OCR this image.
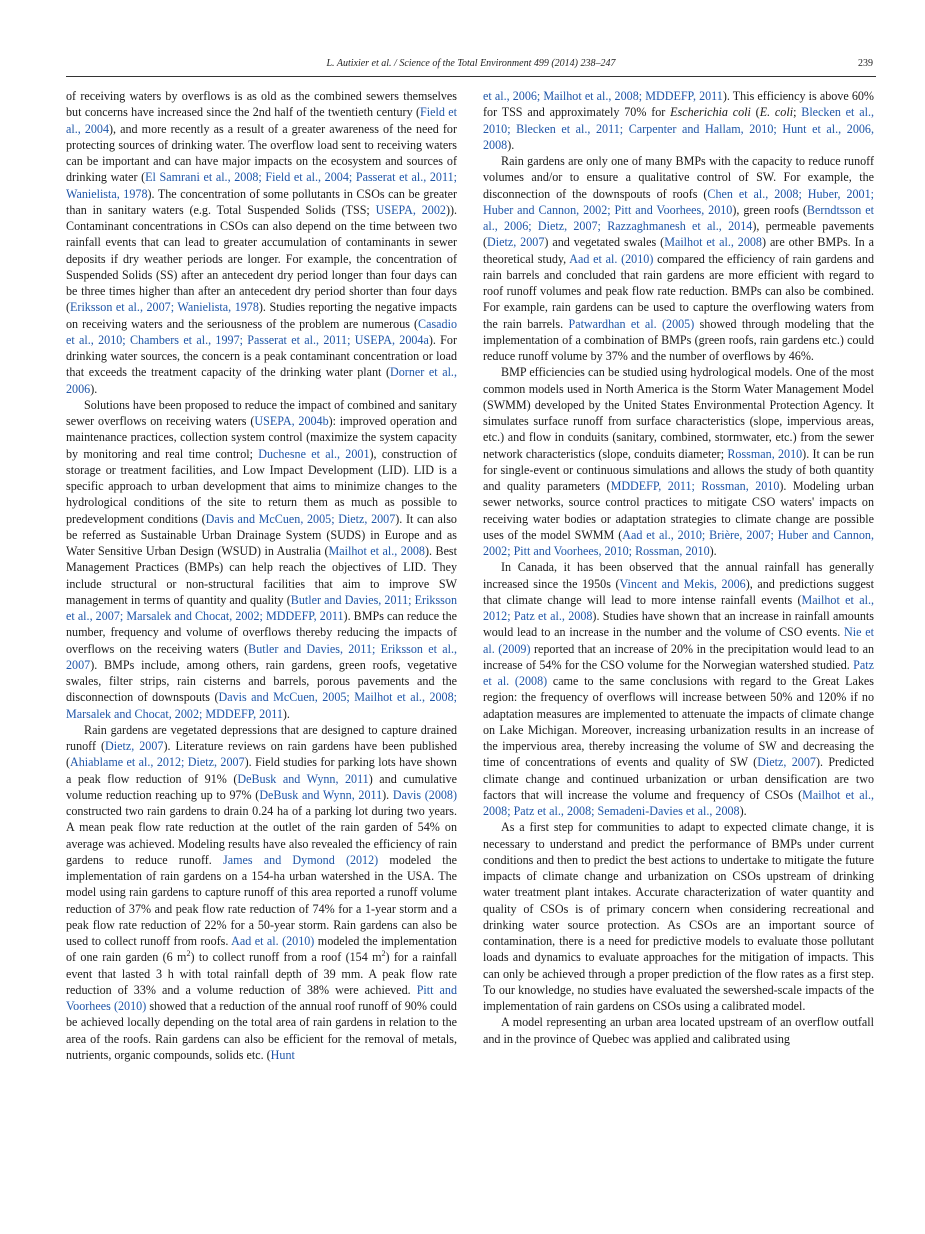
L. Autixier et al. / Science of the Total Environment 499 (2014) 238–247	239

of receiving waters by overflows is as old as the combined sewers themselves but concerns have increased since the 2nd half of the twentieth century (Field et al., 2004), and more recently as a result of a greater awareness of the need for protecting sources of drinking water. The overflow load sent to receiving waters can be important and can have major impacts on the ecosystem and sources of drinking water (El Samrani et al., 2008; Field et al., 2004; Passerat et al., 2011; Wanielista, 1978). The concentration of some pollutants in CSOs can be greater than in sanitary waters (e.g. Total Suspended Solids (TSS; USEPA, 2002)). Contaminant concentrations in CSOs can also depend on the time between two rainfall events that can lead to greater accumulation of contaminants in sewer deposits if dry weather periods are longer. For example, the concentration of Suspended Solids (SS) after an antecedent dry period longer than four days can be three times higher than after an antecedent dry period shorter than four days (Eriksson et al., 2007; Wanielista, 1978). Studies reporting the negative impacts on receiving waters and the seriousness of the problem are numerous (Casadio et al., 2010; Chambers et al., 1997; Passerat et al., 2011; USEPA, 2004a). For drinking water sources, the concern is a peak contaminant concentration or load that exceeds the treatment capacity of the drinking water plant (Dorner et al., 2006).

Solutions have been proposed to reduce the impact of combined and sanitary sewer overflows on receiving waters (USEPA, 2004b): improved operation and maintenance practices, collection system control (maximize the system capacity by monitoring and real time control; Duchesne et al., 2001), construction of storage or treatment facilities, and Low Impact Development (LID). LID is a specific approach to urban development that aims to minimize changes to the hydrological conditions of the site to return them as much as possible to predevelopment conditions (Davis and McCuen, 2005; Dietz, 2007). It can also be referred as Sustainable Urban Drainage System (SUDS) in Europe and as Water Sensitive Urban Design (WSUD) in Australia (Mailhot et al., 2008). Best Management Practices (BMPs) can help reach the objectives of LID. They include structural or non-structural facilities that aim to improve SW management in terms of quantity and quality (Butler and Davies, 2011; Eriksson et al., 2007; Marsalek and Chocat, 2002; MDDEFP, 2011). BMPs can reduce the number, frequency and volume of overflows thereby reducing the impacts of overflows on the receiving waters (Butler and Davies, 2011; Eriksson et al., 2007). BMPs include, among others, rain gardens, green roofs, vegetative swales, filter strips, rain cisterns and barrels, porous pavements and the disconnection of downspouts (Davis and McCuen, 2005; Mailhot et al., 2008; Marsalek and Chocat, 2002; MDDEFP, 2011).

Rain gardens are vegetated depressions that are designed to capture drained runoff (Dietz, 2007). Literature reviews on rain gardens have been published (Ahiablame et al., 2012; Dietz, 2007). Field studies for parking lots have shown a peak flow reduction of 91% (DeBusk and Wynn, 2011) and cumulative volume reduction reaching up to 97% (DeBusk and Wynn, 2011). Davis (2008) constructed two rain gardens to drain 0.24 ha of a parking lot during two years. A mean peak flow rate reduction at the outlet of the rain garden of 54% on average was achieved. Modeling results have also revealed the efficiency of rain gardens to reduce runoff. James and Dymond (2012) modeled the implementation of rain gardens on a 154-ha urban watershed in the USA. The model using rain gardens to capture runoff of this area reported a runoff volume reduction of 37% and peak flow rate reduction of 74% for a 1-year storm and a peak flow rate reduction of 22% for a 50-year storm. Rain gardens can also be used to collect runoff from roofs. Aad et al. (2010) modeled the implementation of one rain garden (6 $m^2$) to collect runoff from a roof (154 $m^2$) for a rainfall event that lasted 3 h with total rainfall depth of 39 mm. A peak flow rate reduction of 33% and a volume reduction of 38% were achieved. Pitt and Voorhees (2010) showed that a reduction of the annual roof runoff of 90% could be achieved locally depending on the total area of rain gardens in relation to the area of the roofs. Rain gardens can also be efficient for the removal of metals, nutrients, organic compounds, solids etc. (Hunt

et al., 2006; Mailhot et al., 2008; MDDEFP, 2011). This efficiency is above 60% for TSS and approximately 70% for Escherichia coli (E. coli; Blecken et al., 2010; Blecken et al., 2011; Carpenter and Hallam, 2010; Hunt et al., 2006, 2008).

Rain gardens are only one of many BMPs with the capacity to reduce runoff volumes and/or to ensure a qualitative control of SW. For example, the disconnection of the downspouts of roofs (Chen et al., 2008; Huber, 2001; Huber and Cannon, 2002; Pitt and Voorhees, 2010), green roofs (Berndtsson et al., 2006; Dietz, 2007; Razzaghmanesh et al., 2014), permeable pavements (Dietz, 2007) and vegetated swales (Mailhot et al., 2008) are other BMPs. In a theoretical study, Aad et al. (2010) compared the efficiency of rain gardens and rain barrels and concluded that rain gardens are more efficient with regard to roof runoff volumes and peak flow rate reduction. BMPs can also be combined. For example, rain gardens can be used to capture the overflowing waters from the rain barrels. Patwardhan et al. (2005) showed through modeling that the implementation of a combination of BMPs (green roofs, rain gardens etc.) could reduce runoff volume by 37% and the number of overflows by 46%.

BMP efficiencies can be studied using hydrological models. One of the most common models used in North America is the Storm Water Management Model (SWMM) developed by the United States Environmental Protection Agency. It simulates surface runoff from surface characteristics (slope, impervious areas, etc.) and flow in conduits (sanitary, combined, stormwater, etc.) from the sewer network characteristics (slope, conduits diameter; Rossman, 2010). It can be run for single-event or continuous simulations and allows the study of both quantity and quality parameters (MDDEFP, 2011; Rossman, 2010). Modeling urban sewer networks, source control practices to mitigate CSO waters' impacts on receiving water bodies or adaptation strategies to climate change are possible uses of the model SWMM (Aad et al., 2010; Brière, 2007; Huber and Cannon, 2002; Pitt and Voorhees, 2010; Rossman, 2010).

In Canada, it has been observed that the annual rainfall has generally increased since the 1950s (Vincent and Mekis, 2006), and predictions suggest that climate change will lead to more intense rainfall events (Mailhot et al., 2012; Patz et al., 2008). Studies have shown that an increase in rainfall amounts would lead to an increase in the number and the volume of CSO events. Nie et al. (2009) reported that an increase of 20% in the precipitation would lead to an increase of 54% for the CSO volume for the Norwegian watershed studied. Patz et al. (2008) came to the same conclusions with regard to the Great Lakes region: the frequency of overflows will increase between 50% and 120% if no adaptation measures are implemented to attenuate the impacts of climate change on Lake Michigan. Moreover, increasing urbanization results in an increase of the impervious area, thereby increasing the volume of SW and decreasing the time of concentrations of events and quality of SW (Dietz, 2007). Predicted climate change and continued urbanization or urban densification are two factors that will increase the volume and frequency of CSOs (Mailhot et al., 2008; Patz et al., 2008; Semadeni-Davies et al., 2008).

As a first step for communities to adapt to expected climate change, it is necessary to understand and predict the performance of BMPs under current conditions and then to predict the best actions to undertake to mitigate the future impacts of climate change and urbanization on CSOs upstream of drinking water treatment plant intakes. Accurate characterization of water quantity and quality of CSOs is of primary concern when considering recreational and drinking water source protection. As CSOs are an important source of contamination, there is a need for predictive models to evaluate those pollutant loads and dynamics to evaluate approaches for the mitigation of impacts. This can only be achieved through a proper prediction of the flow rates as a first step. To our knowledge, no studies have evaluated the sewershed-scale impacts of the implementation of rain gardens on CSOs using a calibrated model.

A model representing an urban area located upstream of an overflow outfall and in the province of Quebec was applied and calibrated using
